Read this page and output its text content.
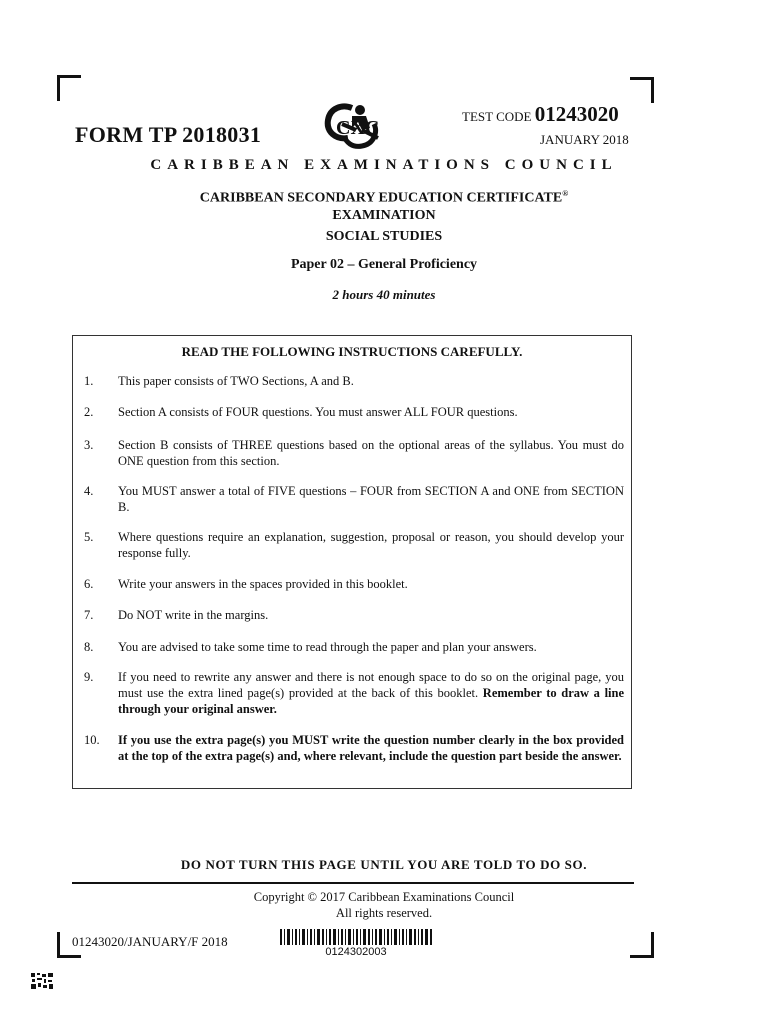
FORM TP 2018031	CXC
TEST CODE 01243020
JANUARY 2018
CARIBBEAN EXAMINATIONS COUNCIL
CARIBBEAN SECONDARY EDUCATION CERTIFICATE®
EXAMINATION
SOCIAL STUDIES
Paper 02 – General Proficiency
2 hours 40 minutes
READ THE FOLLOWING INSTRUCTIONS CAREFULLY.
1.	This paper consists of TWO Sections, A and B.
2.	Section A consists of FOUR questions. You must answer ALL FOUR questions.
3.	Section B consists of THREE questions based on the optional areas of the syllabus. You must do ONE question from this section.
4.	You MUST answer a total of FIVE questions – FOUR from SECTION A and ONE from SECTION B.
5.	Where questions require an explanation, suggestion, proposal or reason, you should develop your response fully.
6.	Write your answers in the spaces provided in this booklet.
7.	Do NOT write in the margins.
8.	You are advised to take some time to read through the paper and plan your answers.
9.	If you need to rewrite any answer and there is not enough space to do so on the original page, you must use the extra lined page(s) provided at the back of this booklet. Remember to draw a line through your original answer.
10.	If you use the extra page(s) you MUST write the question number clearly in the box provided at the top of the extra page(s) and, where relevant, include the question part beside the answer.
DO NOT TURN THIS PAGE UNTIL YOU ARE TOLD TO DO SO.
Copyright © 2017 Caribbean Examinations Council
All rights reserved.
01243020/JANUARY/F 2018
0124302003
